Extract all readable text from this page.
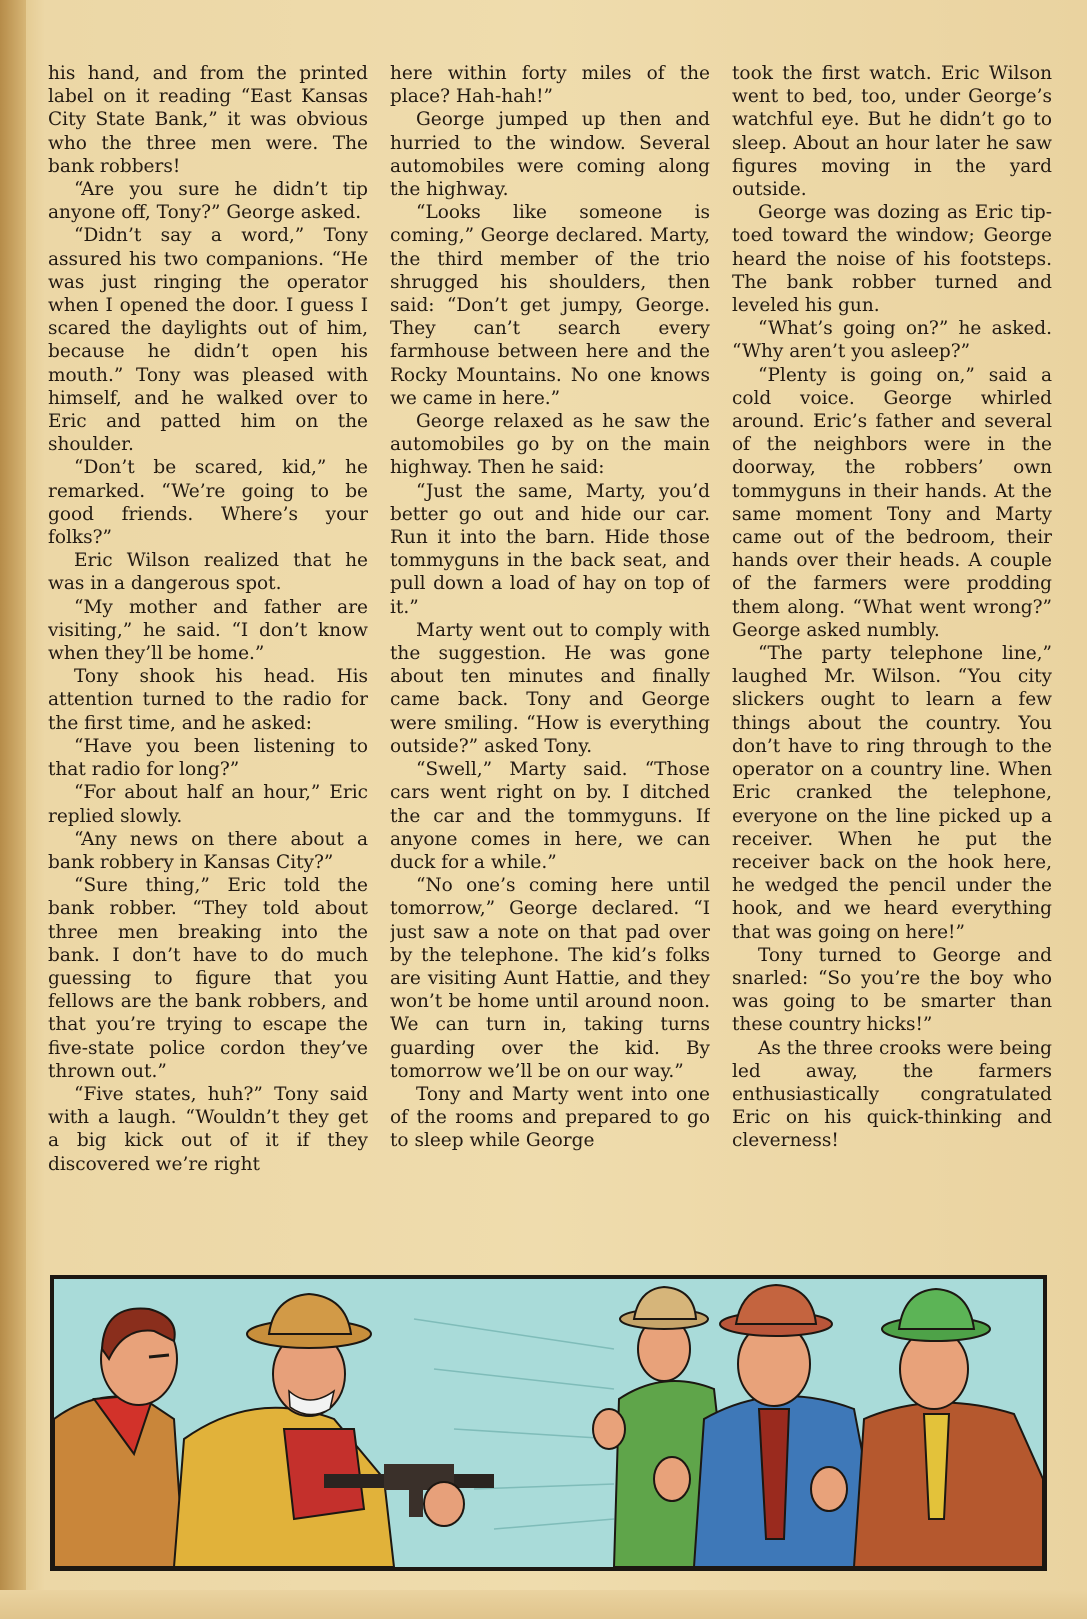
his hand, and from the printed label on it reading “East Kansas City State Bank,” it was obvious who the three men were. The bank robbers!

“Are you sure he didn’t tip anyone off, Tony?” George asked.

“Didn’t say a word,” Tony assured his two companions. “He was just ringing the operator when I opened the door. I guess I scared the daylights out of him, because he didn’t open his mouth.” Tony was pleased with himself, and he walked over to Eric and patted him on the shoulder.

“Don’t be scared, kid,” he remarked. “We’re going to be good friends. Where’s your folks?”

Eric Wilson realized that he was in a dangerous spot.

“My mother and father are visiting,” he said. “I don’t know when they’ll be home.”

Tony shook his head. His attention turned to the radio for the first time, and he asked:

“Have you been listening to that radio for long?”

“For about half an hour,” Eric replied slowly.

“Any news on there about a bank robbery in Kansas City?”

“Sure thing,” Eric told the bank robber. “They told about three men breaking into the bank. I don’t have to do much guessing to figure that you fellows are the bank robbers, and that you’re trying to escape the five-state police cordon they’ve thrown out.”

“Five states, huh?” Tony said with a laugh. “Wouldn’t they get a big kick out of it if they discovered we’re right

here within forty miles of the place? Hah-hah!”

George jumped up then and hurried to the window. Several automobiles were coming along the highway.

“Looks like someone is coming,” George declared. Marty, the third member of the trio shrugged his shoulders, then said: “Don’t get jumpy, George. They can’t search every farmhouse between here and the Rocky Mountains. No one knows we came in here.”

George relaxed as he saw the automobiles go by on the main highway. Then he said:

“Just the same, Marty, you’d better go out and hide our car. Run it into the barn. Hide those tommyguns in the back seat, and pull down a load of hay on top of it.”

Marty went out to comply with the suggestion. He was gone about ten minutes and finally came back. Tony and George were smiling. “How is everything outside?” asked Tony.

“Swell,” Marty said. “Those cars went right on by. I ditched the car and the tommyguns. If anyone comes in here, we can duck for a while.”

“No one’s coming here until tomorrow,” George declared. “I just saw a note on that pad over by the telephone. The kid’s folks are visiting Aunt Hattie, and they won’t be home until around noon. We can turn in, taking turns guarding over the kid. By tomorrow we’ll be on our way.”

Tony and Marty went into one of the rooms and prepared to go to sleep while George

took the first watch. Eric Wilson went to bed, too, under George’s watchful eye. But he didn’t go to sleep. About an hour later he saw figures moving in the yard outside.

George was dozing as Eric tip-toed toward the window; George heard the noise of his footsteps. The bank robber turned and leveled his gun.

“What’s going on?” he asked. “Why aren’t you asleep?”

“Plenty is going on,” said a cold voice. George whirled around. Eric’s father and several of the neighbors were in the doorway, the robbers’ own tommyguns in their hands. At the same moment Tony and Marty came out of the bedroom, their hands over their heads. A couple of the farmers were prodding them along. “What went wrong?” George asked numbly.

“The party telephone line,” laughed Mr. Wilson. “You city slickers ought to learn a few things about the country. You don’t have to ring through to the operator on a country line. When Eric cranked the telephone, everyone on the line picked up a receiver. When he put the receiver back on the hook here, he wedged the pencil under the hook, and we heard everything that was going on here!”

Tony turned to George and snarled: “So you’re the boy who was going to be smarter than these country hicks!”

As the three crooks were being led away, the farmers enthusiastically congratulated Eric on his quick-thinking and cleverness!
